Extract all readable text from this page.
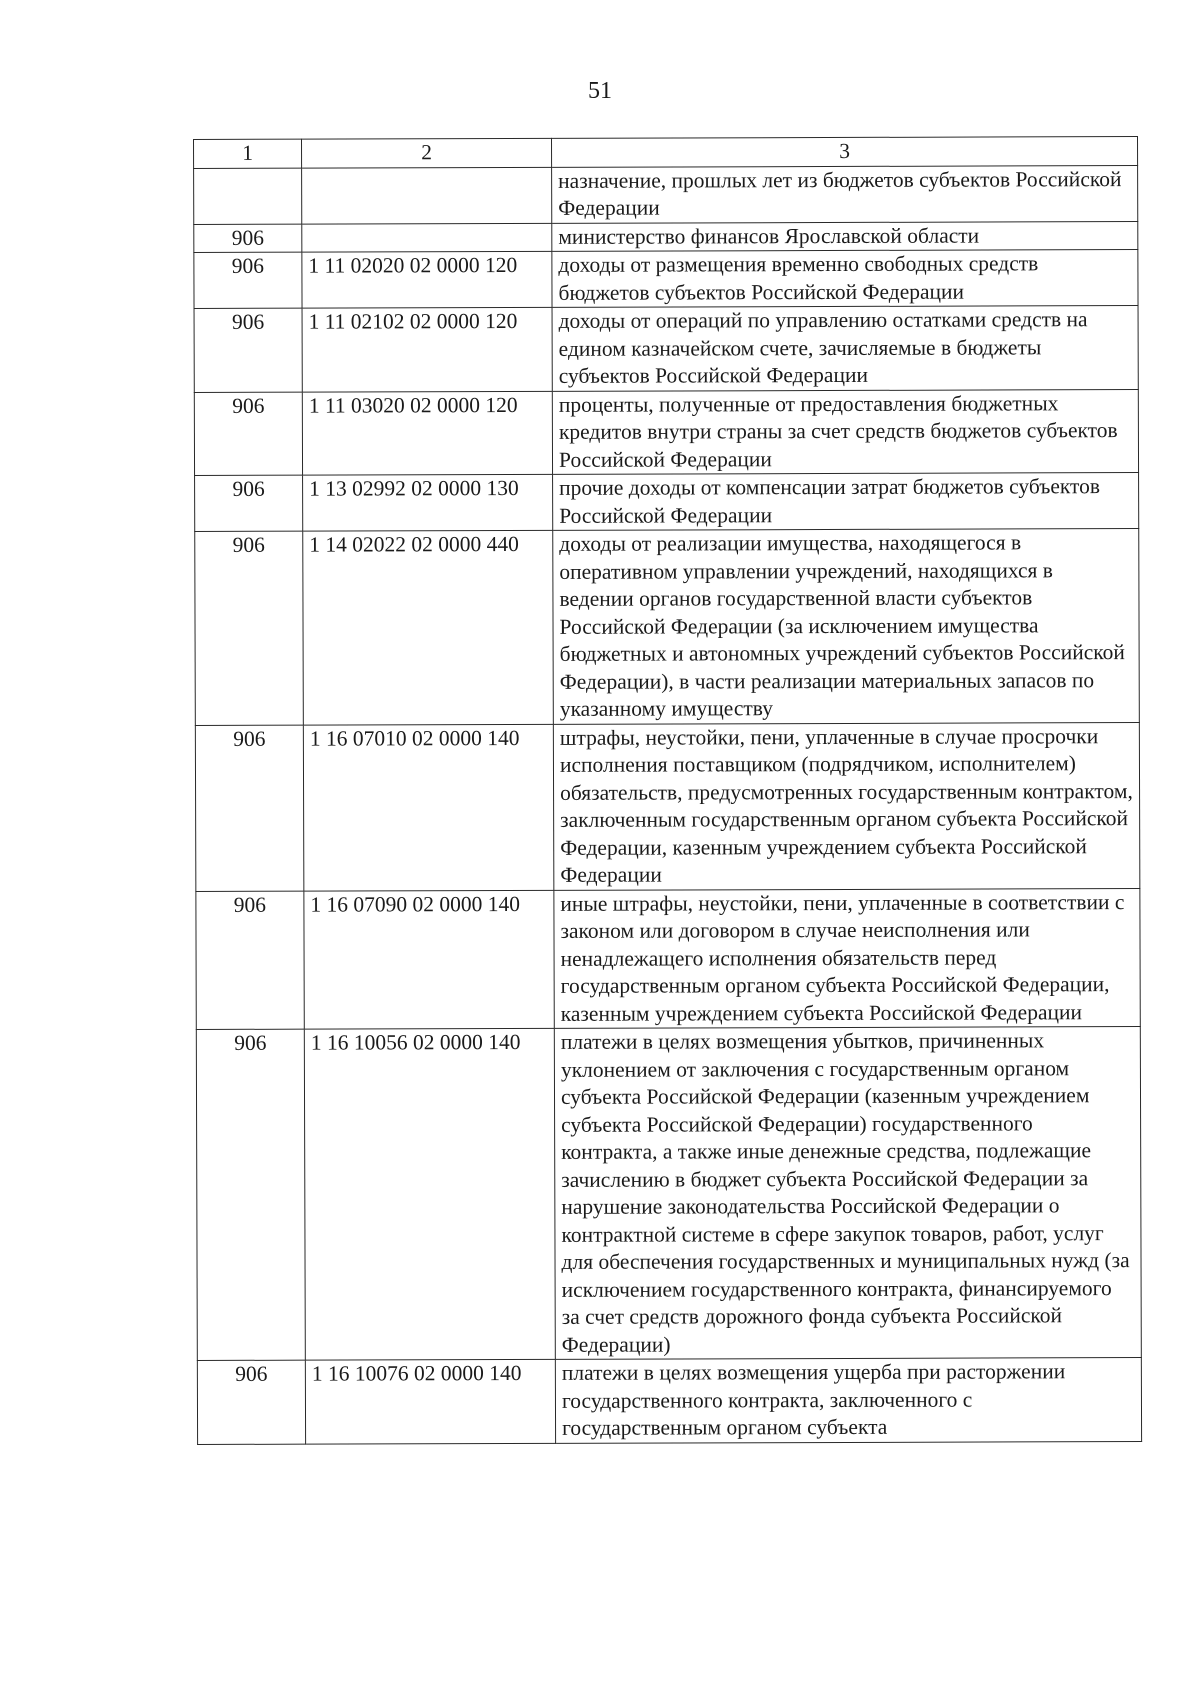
51
1	2	3
		назначение, прошлых лет из бюджетов субъектов Российской Федерации
906		министерство финансов Ярославской области
906	1 11 02020 02 0000 120	доходы от размещения временно свободных средств бюджетов субъектов Российской Федерации
906	1 11 02102 02 0000 120	доходы от операций по управлению остатками средств на едином казначейском счете, зачисляемые в бюджеты субъектов Российской Федерации
906	1 11 03020 02 0000 120	проценты, полученные от предоставления бюджетных кредитов внутри страны за счет средств бюджетов субъектов Российской Федерации
906	1 13 02992 02 0000 130	прочие доходы от компенсации затрат бюджетов субъектов Российской Федерации
906	1 14 02022 02 0000 440	доходы от реализации имущества, находящегося в оперативном управлении учреждений, находящихся в ведении органов государственной власти субъектов Российской Федерации (за исключением имущества бюджетных и автономных учреждений субъектов Российской Федерации), в части реализации материальных запасов по указанному имуществу
906	1 16 07010 02 0000 140	штрафы, неустойки, пени, уплаченные в случае просрочки исполнения поставщиком (подрядчиком, исполнителем) обязательств, предусмотренных государственным контрактом, заключенным государственным органом субъекта Российской Федерации, казенным учреждением субъекта Российской Федерации
906	1 16 07090 02 0000 140	иные штрафы, неустойки, пени, уплаченные в соответствии с законом или договором в случае неисполнения или ненадлежащего исполнения обязательств перед государственным органом субъекта Российской Федерации, казенным учреждением субъекта Российской Федерации
906	1 16 10056 02 0000 140	платежи в целях возмещения убытков, причиненных уклонением от заключения с государственным органом субъекта Российской Федерации (казенным учреждением субъекта Российской Федерации) государственного контракта, а также иные денежные средства, подлежащие зачислению в бюджет субъекта Российской Федерации за нарушение законодательства Российской Федерации о контрактной системе в сфере закупок товаров, работ, услуг для обеспечения государственных и муниципальных нужд (за исключением государственного контракта, финансируемого за счет средств дорожного фонда субъекта Российской Федерации)
906	1 16 10076 02 0000 140	платежи в целях возмещения ущерба при расторжении государственного контракта, заключенного с государственным органом субъекта
